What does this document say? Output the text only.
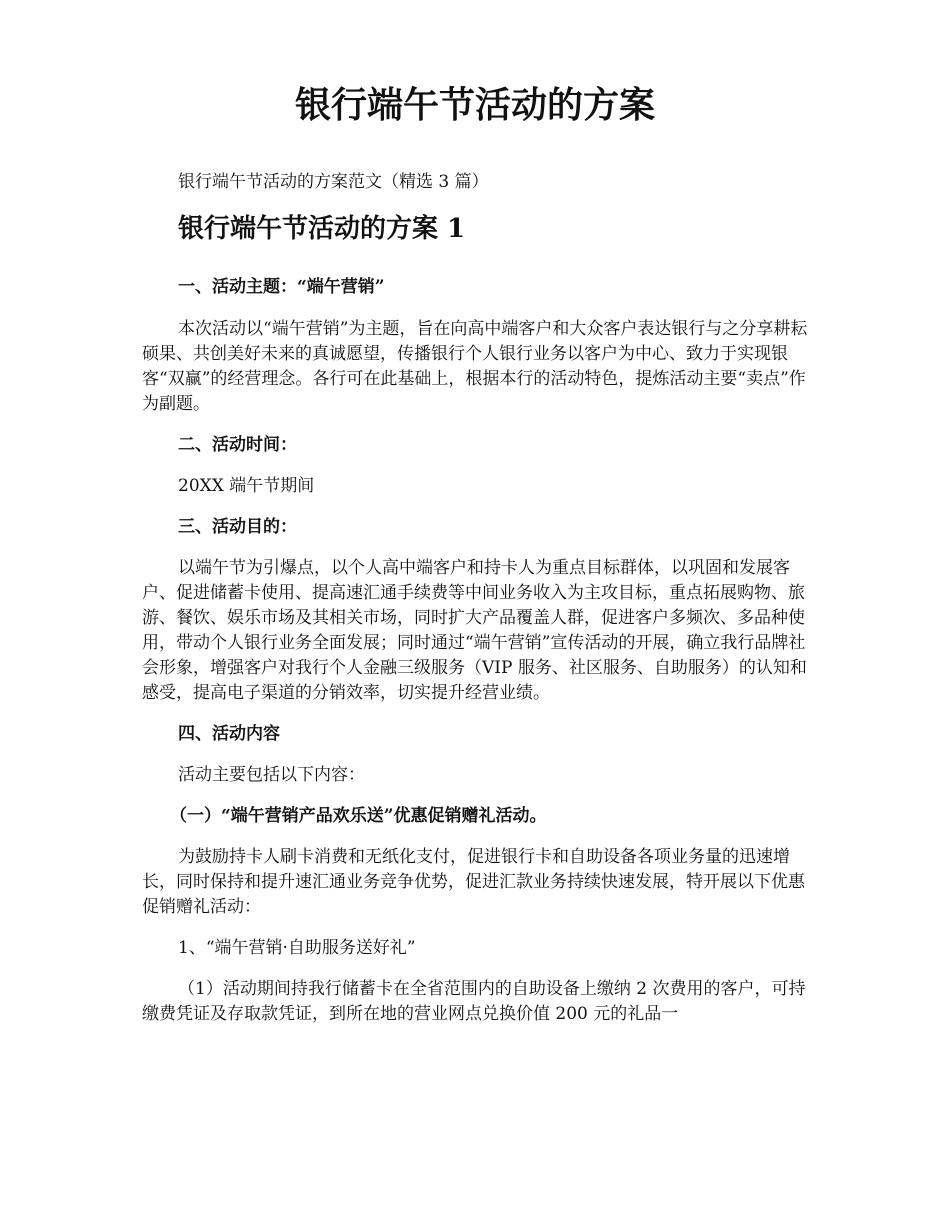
银行端午节活动的方案

银行端午节活动的方案范文（精选 3 篇）

银行端午节活动的方案 1

一、活动主题：“端午营销”

本次活动以“端午营销”为主题，旨在向高中端客户和大众客户表达银行与之分享耕耘硕果、共创美好未来的真诚愿望，传播银行个人银行业务以客户为中心、致力于实现银客“双赢”的经营理念。各行可在此基础上，根据本行的活动特色，提炼活动主要“卖点”作为副题。

二、活动时间：

20XX 端午节期间

三、活动目的：

以端午节为引爆点，以个人高中端客户和持卡人为重点目标群体，以巩固和发展客户、促进储蓄卡使用、提高速汇通手续费等中间业务收入为主攻目标，重点拓展购物、旅游、餐饮、娱乐市场及其相关市场，同时扩大产品覆盖人群，促进客户多频次、多品种使用，带动个人银行业务全面发展；同时通过“端午营销”宣传活动的开展，确立我行品牌社会形象，增强客户对我行个人金融三级服务（VIP 服务、社区服务、自助服务）的认知和感受，提高电子渠道的分销效率，切实提升经营业绩。

四、活动内容

活动主要包括以下内容：

（一）“端午营销产品欢乐送”优惠促销赠礼活动。

为鼓励持卡人刷卡消费和无纸化支付，促进银行卡和自助设备各项业务量的迅速增长，同时保持和提升速汇通业务竞争优势，促进汇款业务持续快速发展，特开展以下优惠促销赠礼活动：

1、“端午营销·自助服务送好礼”

（1）活动期间持我行储蓄卡在全省范围内的自助设备上缴纳 2 次费用的客户，可持缴费凭证及存取款凭证，到所在地的营业网点兑换价值 200 元的礼品一
